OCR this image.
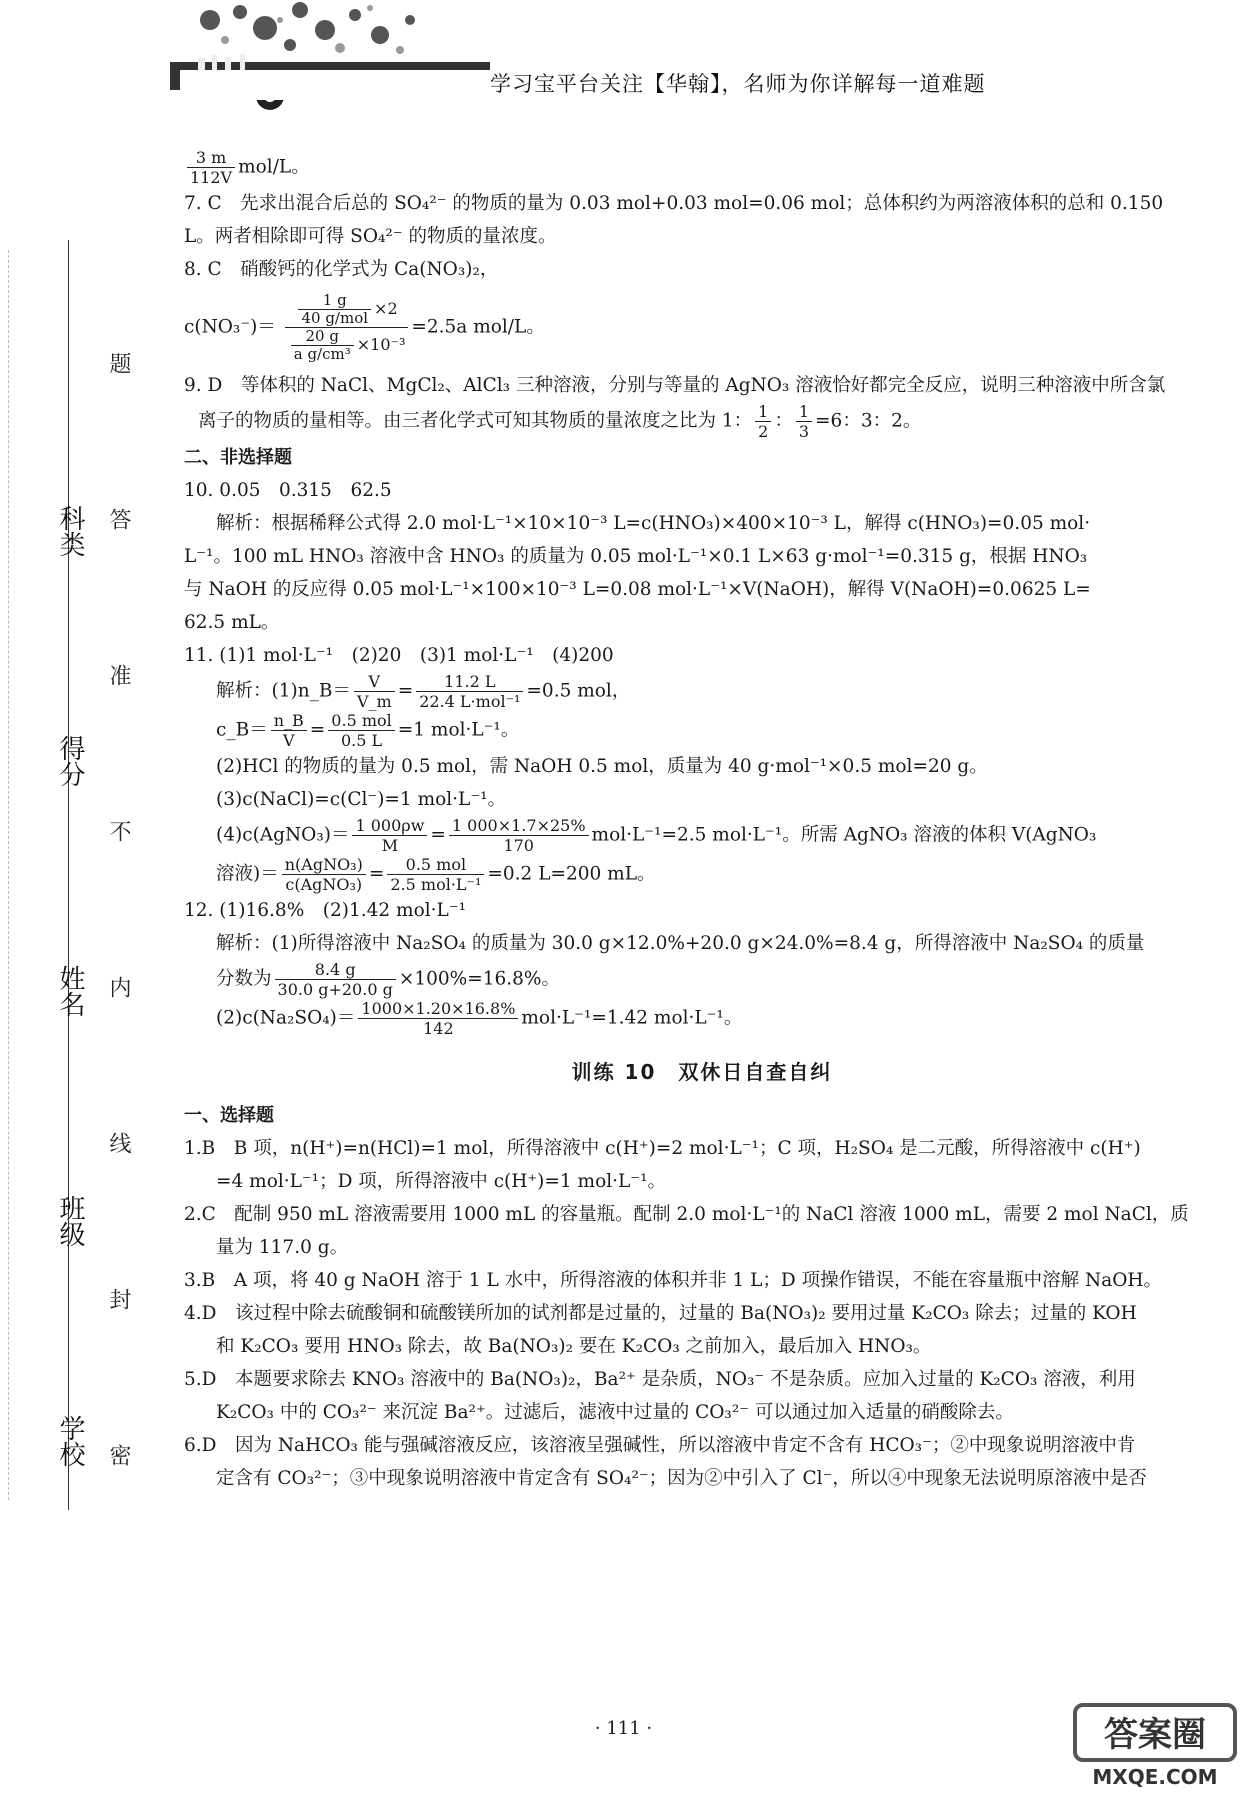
学习宝平台关注【华翰】，名师为你详解每一道难题
科类
得分
姓名
班级
学校
题
答
准
不
内
线
封
密
$\frac{3 m}{112V} mol/L$。
7. C　先求出混合后总的 SO₄²⁻ 的物质的量为 0.03 mol+0.03 mol=0.06 mol；总体积约为两溶液体积的总和 0.150
L。两者相除即可得 SO₄²⁻ 的物质的量浓度。
8. C　硝酸钙的化学式为 Ca(NO₃)₂，
$c(NO_3^-)= \frac{\frac{1 g}{\text{40 g/mol}} \times 2}{\frac{20 g}{\text{a g/cm³}} \times 10^{-3}} =2.5a$ mol/L。
9. D　等体积的 NaCl、MgCl₂、AlCl₃ 三种溶液，分别与等量的 AgNO₃ 溶液恰好都完全反应，说明三种溶液中所含氯
离子的物质的量相等。由三者化学式可知其物质的量浓度之比为 1： $\frac{1}{2}$ ： $\frac{1}{3} =6$：3：2。
二、非选择题
10. 0.05　0.315　62.5
解析：根据稀释公式得 2.0 mol·L⁻¹×10×10⁻³ L=c(HNO₃)×400×10⁻³ L，解得 c(HNO₃)=0.05 mol·
L⁻¹。100 mL HNO₃ 溶液中含 HNO₃ 的质量为 0.05 mol·L⁻¹×0.1 L×63 g·mol⁻¹=0.315 g，根据 HNO₃
与 NaOH 的反应得 0.05 mol·L⁻¹×100×10⁻³ L=0.08 mol·L⁻¹×V(NaOH)，解得 V(NaOH)=0.0625 L=
62.5 mL。
11. (1)1 mol·L⁻¹　(2)20　(3)1 mol·L⁻¹　(4)200
解析：(1)n_B＝ $\frac{V}{V\_m} = \frac{11.2 L}{\text{22.4 L·mol⁻¹}} =0.5$ mol，
c_B＝ $\frac{n\_B}{V} = \frac{\text{0.5 mol}}{0.5 L} =1$ mol·L⁻¹。
(2)HCl 的物质的量为 0.5 mol，需 NaOH 0.5 mol，质量为 40 g·mol⁻¹×0.5 mol=20 g。
(3)c(NaCl)=c(Cl⁻)=1 mol·L⁻¹。
(4)c(AgNO₃)＝ $\frac{1 000\rho w}{M} = \frac{1 000\times 1.7\times 25\%}{170} mol\cdot L^{-1}=2.5$ mol·L⁻¹。所需 AgNO₃ 溶液的体积 V(AgNO₃
溶液)＝ $\frac{\text{n(AgNO₃)}}{\text{c(AgNO₃)}} = \frac{\text{0.5 mol}}{\text{2.5 mol·L⁻¹}} =0.2$ L=200 mL。
12. (1)16.8%　(2)1.42 mol·L⁻¹
解析：(1)所得溶液中 Na₂SO₄ 的质量为 30.0 g×12.0%+20.0 g×24.0%=8.4 g，所得溶液中 Na₂SO₄ 的质量
分数为 $\frac{8.4 g}{30.0 g+20.0 g} \times 100\%=16.8\%$。
$(2)c(Na_2SO_4)= \frac{1000\times 1.20\times 16.8\%}{142} mol\cdot L^{-1}=1.42$ mol·L⁻¹。
训练 10　双休日自查自纠
一、选择题
1.B　B 项，n(H⁺)=n(HCl)=1 mol，所得溶液中 c(H⁺)=2 mol·L⁻¹；C 项，H₂SO₄ 是二元酸，所得溶液中 c(H⁺)
=4 mol·L⁻¹；D 项，所得溶液中 c(H⁺)=1 mol·L⁻¹。
2.C　配制 950 mL 溶液需要用 1000 mL 的容量瓶。配制 2.0 mol·L⁻¹的 NaCl 溶液 1000 mL，需要 2 mol NaCl，质
量为 117.0 g。
3.B　A 项，将 40 g NaOH 溶于 1 L 水中，所得溶液的体积并非 1 L；D 项操作错误，不能在容量瓶中溶解 NaOH。
4.D　该过程中除去硫酸铜和硫酸镁所加的试剂都是过量的，过量的 Ba(NO₃)₂ 要用过量 K₂CO₃ 除去；过量的 KOH
和 K₂CO₃ 要用 HNO₃ 除去，故 Ba(NO₃)₂ 要在 K₂CO₃ 之前加入，最后加入 HNO₃。
5.D　本题要求除去 KNO₃ 溶液中的 Ba(NO₃)₂，Ba²⁺ 是杂质，NO₃⁻ 不是杂质。应加入过量的 K₂CO₃ 溶液，利用
K₂CO₃ 中的 CO₃²⁻ 来沉淀 Ba²⁺。过滤后，滤液中过量的 CO₃²⁻ 可以通过加入适量的硝酸除去。
6.D　因为 NaHCO₃ 能与强碱溶液反应，该溶液呈强碱性，所以溶液中肯定不含有 HCO₃⁻；②中现象说明溶液中肯
定含有 CO₃²⁻；③中现象说明溶液中肯定含有 SO₄²⁻；因为②中引入了 Cl⁻，所以④中现象无法说明原溶液中是否
· 111 ·	答案圈
MXQE.COM
